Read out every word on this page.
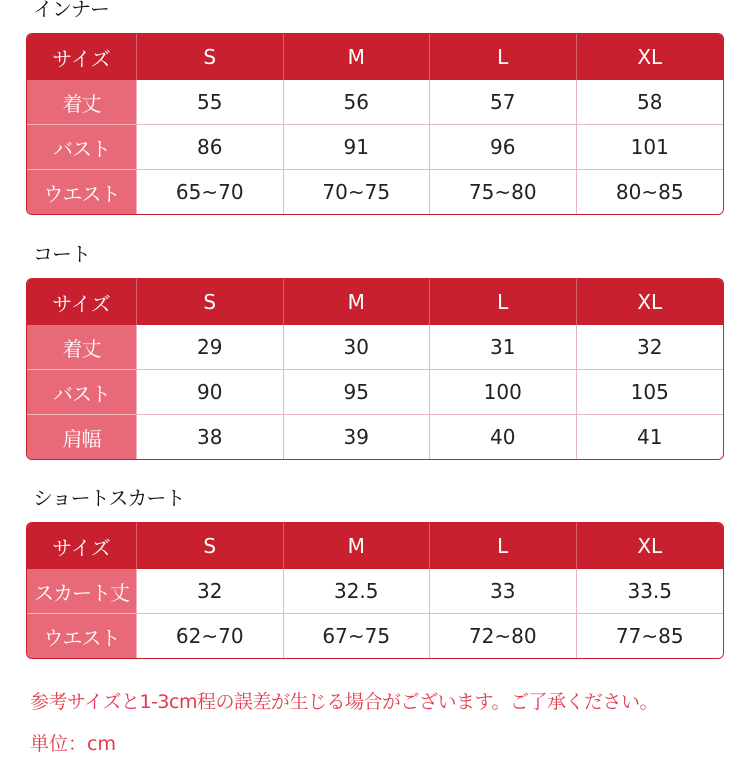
インナー
サイズ	S	M	L	XL
着丈	55	56	57	58
バスト	86	91	96	101
ウエスト	65~70	70~75	75~80	80~85
コート
サイズ	S	M	L	XL
着丈	29	30	31	32
バスト	90	95	100	105
肩幅	38	39	40	41
ショートスカート
サイズ	S	M	L	XL
スカート丈	32	32.5	33	33.5
ウエスト	62~70	67~75	72~80	77~85
参考サイズと1-3cm程の誤差が生じる場合がございます。ご了承ください。
単位：cm
